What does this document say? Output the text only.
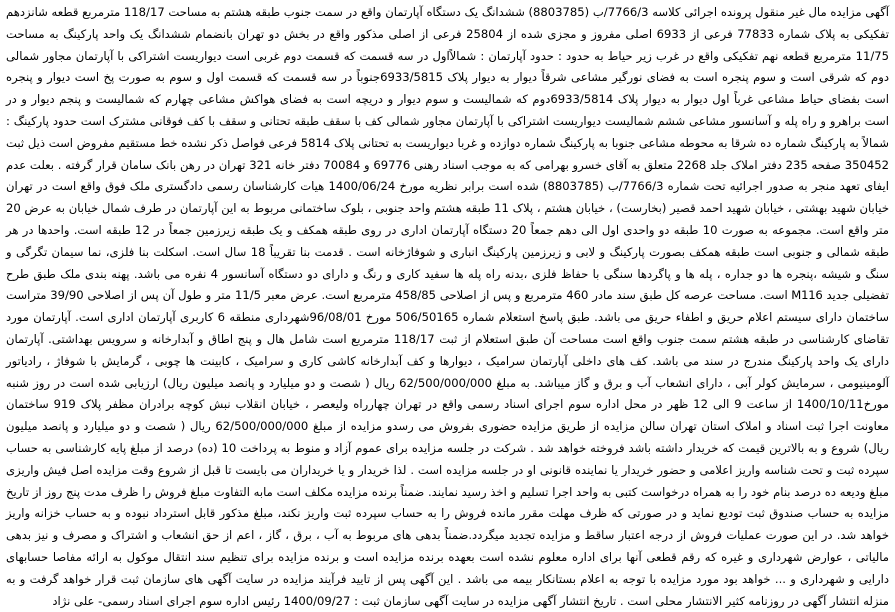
آگهی مزایده مال غیر منقول پرونده اجرائی کلاسه 7766/3/ب (8803785) ششدانگ یک دستگاه آپارتمان واقع در سمت جنوب طبقه هشتم به مساحت 118/17 مترمربع قطعه شانزدهم تفکیکی به پلاک شماره 77833 فرعی از 6933 اصلی مفروز و مجزی شده از 25804 فرعی از اصلی مذکور واقع در بخش دو تهران بانضمام ششدانگ یک واحد پارکینگ به مساحت 11/75 مترمربع قطعه نهم تفکیکی واقع در غرب زیر حیاط به حدود : حدود آپارتمان : شمالاًاول در سه قسمت که قسمت دوم غربی است دیواریست اشتراکی با آپارتمان مجاور شمالی دوم که شرقی است و سوم پنجره است به فضای نورگیر مشاعی شرقاً دیوار به دیوار پلاک 6933/5815جنوباً در سه قسمت که قسمت اول و سوم به صورت پخ است دیوار و پنجره است بفضای حیاط مشاعی غرباً اول دیوار به دیوار پلاک 6933/5814دوم که شمالیست و سوم دیوار و دریچه است به فضای هواکش مشاعی چهارم که شمالیست و پنجم دیوار و در است براهرو و راه پله و آسانسور مشاعی ششم شمالیست دیواریست اشتراکی با آپارتمان مجاور شمالی کف با سقف طبقه تحتانی و سقف با کف فوقانی مشترک است حدود پارکینگ : شمالاً به پارکینگ شماره ده شرقا به محوطه مشاعی جنوبا به پارکینگ شماره دوازده و غربا دیواریست به تحتانی پلاک 5814 فرعی فواصل ذکر نشده خط مستقیم مفروض است ذیل ثبت 350452 صفحه 235 دفتر املاک جلد 2268 متعلق به آقای خسرو بهرامی که به موجب اسناد رهنی 69776 و 70084 دفتر خانه 321 تهران در رهن بانک سامان قرار گرفته . بعلت عدم ایفای تعهد منجر به صدور اجرائیه تحت شماره 7766/3/ب (8803785) شده است برابر نظریه مورخ 1400/06/24 هیات کارشناسان رسمی دادگستری ملک فوق واقع است در تهران خیابان شهید بهشتی ، خیابان شهید احمد قصیر (بخارست) ، خیابان هشتم ، پلاک 11 طبقه هشتم واحد جنوبی ، بلوک ساختمانی مربوط به این آپارتمان در طرف شمال خیابان به عرض 20 متر واقع است. مجموعه به صورت 10 طبقه دو واحدی اول الی دهم جمعاً 20 دستگاه آپارتمان اداری در روی طبقه همکف و یک طبقه زیرزمین جمعاً در 12 طبقه است. واحدها در هر طبقه شمالی و جنوبی است طبقه همکف بصورت پارکینگ و لابی و زیرزمین پارکینگ انباری و شوفاژخانه است . قدمت بنا تقریباً 18 سال است. اسکلت بنا فلزی، نما سیمان تگرگی و سنگ و شیشه ،پنجره ها دو جداره ، پله ها و پاگردها سنگی با حفاظ فلزی ،بدنه راه پله ها سفید کاری و رنگ و دارای دو دستگاه آسانسور 4 نفره می باشد. پهنه بندی ملک طبق طرح تفضیلی جدید M116 است. مساحت عرصه کل طبق سند مادر 460 مترمربع و پس از اصلاحی 458/85 مترمربع است. عرض معبر 11/5 متر و طول آن پس از اصلاحی 39/90 متراست ساختمان دارای سیستم اعلام حریق و اطفاء حریق می باشد. طبق پاسخ استعلام شماره 506/50165 مورخ 96/08/01شهرداری منطقه 6 کاربری آپارتمان اداری است. آپارتمان مورد تقاضای کارشناسی در طبقه هشتم سمت جنوب واقع است مساحت آن طبق استعلام از ثبت 118/17 مترمربع است شامل هال و پنج اطاق و آبدارخانه و سرویس بهداشتی. آپارتمان دارای یک واحد پارکینگ مندرج در سند می باشد. کف های داخلی آپارتمان سرامیک ، دیوارها و کف آبدارخانه کاشی کاری و سرامیک ، کابینت ها چوبی ، گرمایش با شوفاژ ، رادیاتور آلومینیومی ، سرمایش کولر آبی ، دارای انشعاب آب و برق و گاز میباشد. به مبلغ 62/500/000/000 ریال ( شصت و دو میلیارد و پانصد میلیون ریال) ارزیابی شده است در روز شنبه مورخ1400/10/11 از ساعت 9 الی 12 ظهر در محل اداره سوم اجرای اسناد رسمی واقع در تهران چهارراه ولیعصر ، خیابان انقلاب نبش کوچه برادران مظفر پلاک 919 ساختمان معاونت اجرا ثبت اسناد و املاک استان تهران سالن مزایده از طریق مزایده حضوری بفروش می رسدو مزایده از مبلغ 62/500/000/000 ریال ( شصت و دو میلیارد و پانصد میلیون ریال) شروع و به بالاترین قیمت که خریدار داشته باشد فروخته خواهد شد . شرکت در جلسه مزایده برای عموم آزاد و منوط به پرداخت 10 (ده) درصد از مبلغ پایه کارشناسی به حساب سپرده ثبت و تحت شناسه واریز اعلامی و حضور خریدار یا نماینده قانونی او در جلسه مزایده است . لذا خریدار و یا خریداران می بایست تا قبل از شروع وقت مزایده اصل فیش واریزی مبلغ ودیعه ده درصد بنام خود را به همراه درخواست کتبی به واحد اجرا تسلیم و اخذ رسید نمایند. ضمناً برنده مزایده مکلف است مابه التفاوت مبلغ فروش را ظرف مدت پنج روز از تاریخ مزایده به حساب صندوق ثبت تودیع نماید و در صورتی که ظرف مهلت مقرر مانده فروش را به حساب سپرده ثبت واریز نکند، مبلغ مذکور قابل استرداد نبوده و به حساب خزانه واریز خواهد شد. در این صورت عملیات فروش از درجه اعتبار ساقط و مزایده تجدید میگردد.ضمناً بدهی های مربوط به آب ، برق ، گاز ، اعم از حق انشعاب و اشتراک و مصرف و نیز بدهی مالیاتی ، عوارض شهرداری و غیره که رقم قطعی آنها برای اداره معلوم نشده است بعهده برنده مزایده است و برنده مزایده برای تنظیم سند انتقال موکول به ارائه مفاصا حسابهای دارایی و شهرداری و ... خواهد بود مورد مزایده با توجه به اعلام بستانکار بیمه می باشد . این آگهی پس از تایید فرآیند مزایده در سایت آگهی های سازمان ثبت قرار خواهد گرفت و به منزله انتشار آگهی در روزنامه کثیر الانتشار محلی است . تاریخ انتشار آگهی مزایده در سایت آگهی سازمان ثبت : 1400/09/27 رئیس اداره سوم اجرای اسناد رسمی- علی نژاد
